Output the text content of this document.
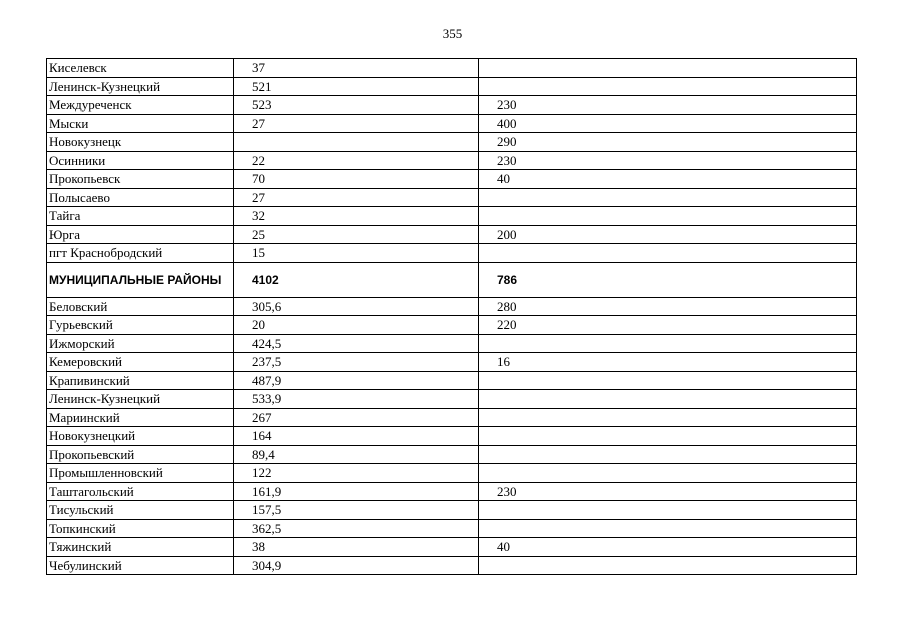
355
Киселевск	37	
Ленинск-Кузнецкий	521	
Междуреченск	523	230
Мыски	27	400
Новокузнецк		290
Осинники	22	230
Прокопьевск	70	40
Полысаево	27	
Тайга	32	
Юрга	25	200
пгт Краснобродский	15	
МУНИЦИПАЛЬНЫЕ РАЙОНЫ	4102	786
Беловский	305,6	280
Гурьевский	20	220
Ижморский	424,5	
Кемеровский	237,5	16
Крапивинский	487,9	
Ленинск-Кузнецкий	533,9	
Мариинский	267	
Новокузнецкий	164	
Прокопьевский	89,4	
Промышленновский	122	
Таштагольский	161,9	230
Тисульский	157,5	
Топкинский	362,5	
Тяжинский	38	40
Чебулинский	304,9	
